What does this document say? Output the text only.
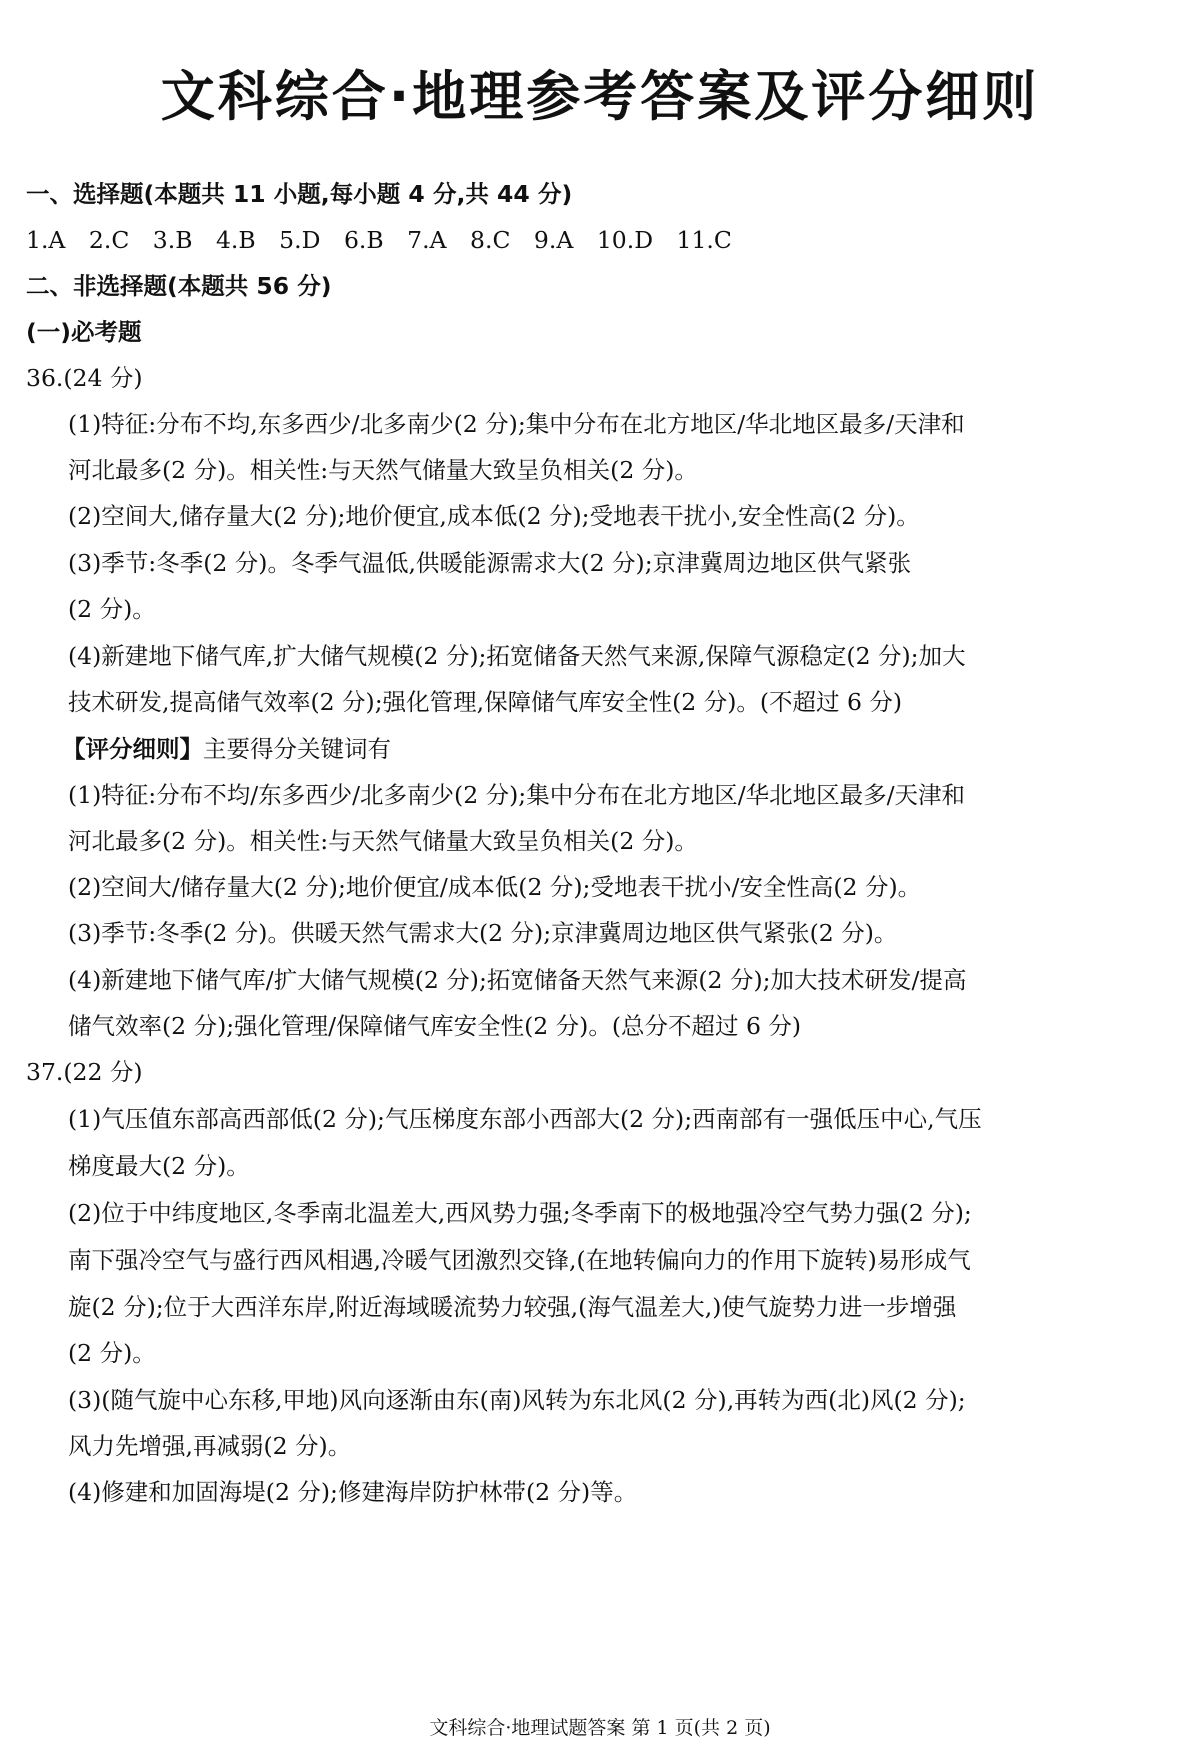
文科综合·地理参考答案及评分细则
一、选择题(本题共 11 小题,每小题 4 分,共 44 分)
1.A　2.C　3.B　4.B　5.D　6.B　7.A　8.C　9.A　10.D　11.C
二、非选择题(本题共 56 分)
(一)必考题
36.(24 分)
(1)特征:分布不均,东多西少/北多南少(2 分);集中分布在北方地区/华北地区最多/天津和
河北最多(2 分)。相关性:与天然气储量大致呈负相关(2 分)。
(2)空间大,储存量大(2 分);地价便宜,成本低(2 分);受地表干扰小,安全性高(2 分)。
(3)季节:冬季(2 分)。冬季气温低,供暖能源需求大(2 分);京津冀周边地区供气紧张
(2 分)。
(4)新建地下储气库,扩大储气规模(2 分);拓宽储备天然气来源,保障气源稳定(2 分);加大
技术研发,提高储气效率(2 分);强化管理,保障储气库安全性(2 分)。(不超过 6 分)
【评分细则】主要得分关键词有
(1)特征:分布不均/东多西少/北多南少(2 分);集中分布在北方地区/华北地区最多/天津和
河北最多(2 分)。相关性:与天然气储量大致呈负相关(2 分)。
(2)空间大/储存量大(2 分);地价便宜/成本低(2 分);受地表干扰小/安全性高(2 分)。
(3)季节:冬季(2 分)。供暖天然气需求大(2 分);京津冀周边地区供气紧张(2 分)。
(4)新建地下储气库/扩大储气规模(2 分);拓宽储备天然气来源(2 分);加大技术研发/提高
储气效率(2 分);强化管理/保障储气库安全性(2 分)。(总分不超过 6 分)
37.(22 分)
(1)气压值东部高西部低(2 分);气压梯度东部小西部大(2 分);西南部有一强低压中心,气压
梯度最大(2 分)。
(2)位于中纬度地区,冬季南北温差大,西风势力强;冬季南下的极地强冷空气势力强(2 分);
南下强冷空气与盛行西风相遇,冷暖气团激烈交锋,(在地转偏向力的作用下旋转)易形成气
旋(2 分);位于大西洋东岸,附近海域暖流势力较强,(海气温差大,)使气旋势力进一步增强
(2 分)。
(3)(随气旋中心东移,甲地)风向逐渐由东(南)风转为东北风(2 分),再转为西(北)风(2 分);
风力先增强,再减弱(2 分)。
(4)修建和加固海堤(2 分);修建海岸防护林带(2 分)等。
文科综合·地理试题答案 第 1 页(共 2 页)
